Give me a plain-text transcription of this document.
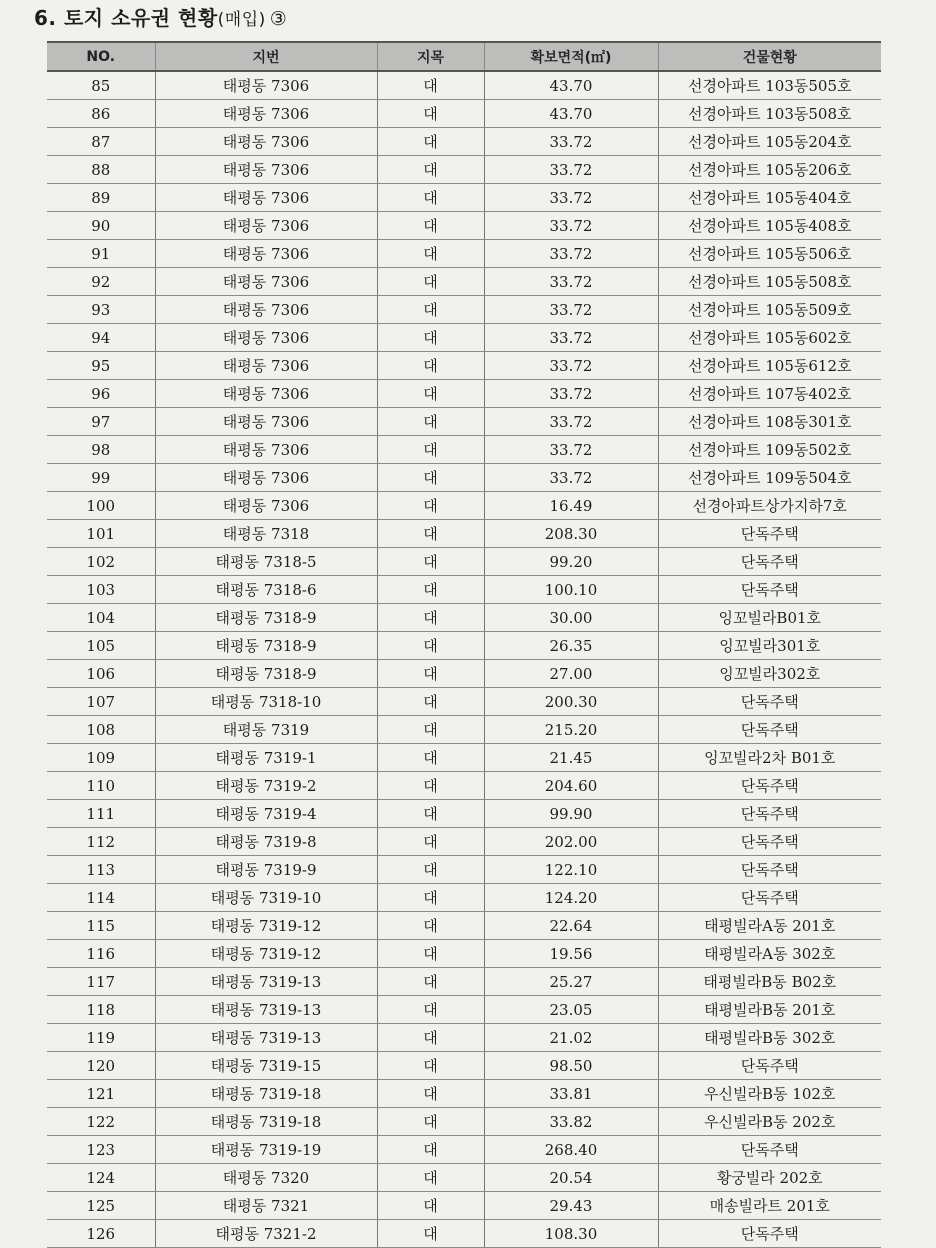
6. 토지 소유권 현황(매입) ③
NO.	지번	지목	확보면적(㎡)	건물현황
85	태평동 7306	대	43.70	선경아파트 103동505호
86	태평동 7306	대	43.70	선경아파트 103동508호
87	태평동 7306	대	33.72	선경아파트 105동204호
88	태평동 7306	대	33.72	선경아파트 105동206호
89	태평동 7306	대	33.72	선경아파트 105동404호
90	태평동 7306	대	33.72	선경아파트 105동408호
91	태평동 7306	대	33.72	선경아파트 105동506호
92	태평동 7306	대	33.72	선경아파트 105동508호
93	태평동 7306	대	33.72	선경아파트 105동509호
94	태평동 7306	대	33.72	선경아파트 105동602호
95	태평동 7306	대	33.72	선경아파트 105동612호
96	태평동 7306	대	33.72	선경아파트 107동402호
97	태평동 7306	대	33.72	선경아파트 108동301호
98	태평동 7306	대	33.72	선경아파트 109동502호
99	태평동 7306	대	33.72	선경아파트 109동504호
100	태평동 7306	대	16.49	선경아파트상가지하7호
101	태평동 7318	대	208.30	단독주택
102	태평동 7318-5	대	99.20	단독주택
103	태평동 7318-6	대	100.10	단독주택
104	태평동 7318-9	대	30.00	잉꼬빌라B01호
105	태평동 7318-9	대	26.35	잉꼬빌라301호
106	태평동 7318-9	대	27.00	잉꼬빌라302호
107	태평동 7318-10	대	200.30	단독주택
108	태평동 7319	대	215.20	단독주택
109	태평동 7319-1	대	21.45	잉꼬빌라2차 B01호
110	태평동 7319-2	대	204.60	단독주택
111	태평동 7319-4	대	99.90	단독주택
112	태평동 7319-8	대	202.00	단독주택
113	태평동 7319-9	대	122.10	단독주택
114	태평동 7319-10	대	124.20	단독주택
115	태평동 7319-12	대	22.64	태평빌라A동 201호
116	태평동 7319-12	대	19.56	태평빌라A동 302호
117	태평동 7319-13	대	25.27	태평빌라B동 B02호
118	태평동 7319-13	대	23.05	태평빌라B동 201호
119	태평동 7319-13	대	21.02	태평빌라B동 302호
120	태평동 7319-15	대	98.50	단독주택
121	태평동 7319-18	대	33.81	우신빌라B동 102호
122	태평동 7319-18	대	33.82	우신빌라B동 202호
123	태평동 7319-19	대	268.40	단독주택
124	태평동 7320	대	20.54	황궁빌라 202호
125	태평동 7321	대	29.43	매송빌라트 201호
126	태평동 7321-2	대	108.30	단독주택
